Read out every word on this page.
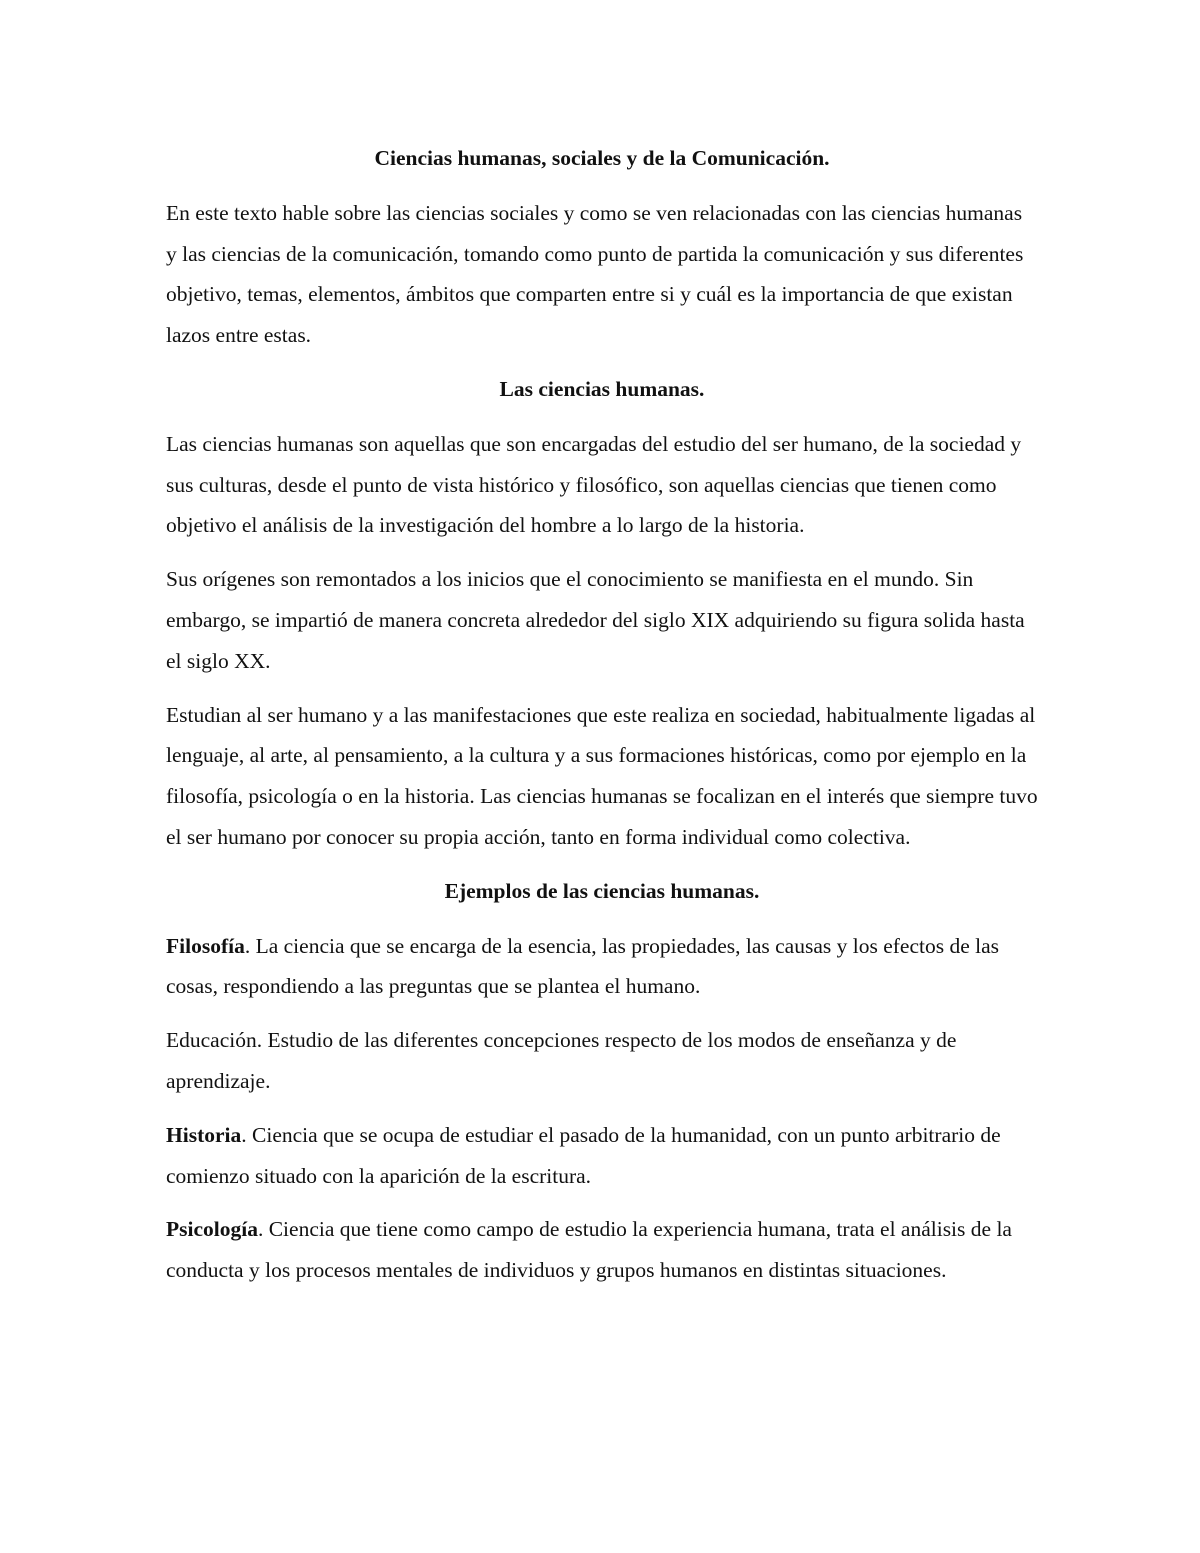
Ciencias humanas, sociales y de la Comunicación.

En este texto hable sobre las ciencias sociales y como se ven relacionadas con las ciencias humanas y las ciencias de la comunicación, tomando como punto de partida la comunicación y sus diferentes objetivo, temas, elementos, ámbitos que comparten entre si y cuál es la importancia de que existan lazos entre estas.

Las ciencias humanas.

Las ciencias humanas son aquellas que son encargadas del estudio del ser humano, de la sociedad y sus culturas, desde el punto de vista histórico y filosófico, son aquellas ciencias que tienen como objetivo el análisis de la investigación del hombre a lo largo de la historia.

Sus orígenes son remontados a los inicios que el conocimiento se manifiesta en el mundo. Sin embargo, se impartió de manera concreta alrededor del siglo XIX adquiriendo su figura solida hasta el siglo XX.

Estudian al ser humano y a las manifestaciones que este realiza en sociedad, habitualmente ligadas al lenguaje, al arte, al pensamiento, a la cultura y a sus formaciones históricas, como por ejemplo en la filosofía, psicología o en la historia. Las ciencias humanas se focalizan en el interés que siempre tuvo el ser humano por conocer su propia acción, tanto en forma individual como colectiva.

Ejemplos de las ciencias humanas.

Filosofía. La ciencia que se encarga de la esencia, las propiedades, las causas y los efectos de las cosas, respondiendo a las preguntas que se plantea el humano.

Educación. Estudio de las diferentes concepciones respecto de los modos de enseñanza y de aprendizaje.

Historia. Ciencia que se ocupa de estudiar el pasado de la humanidad, con un punto arbitrario de comienzo situado con la aparición de la escritura.

Psicología. Ciencia que tiene como campo de estudio la experiencia humana, trata el análisis de la conducta y los procesos mentales de individuos y grupos humanos en distintas situaciones.
